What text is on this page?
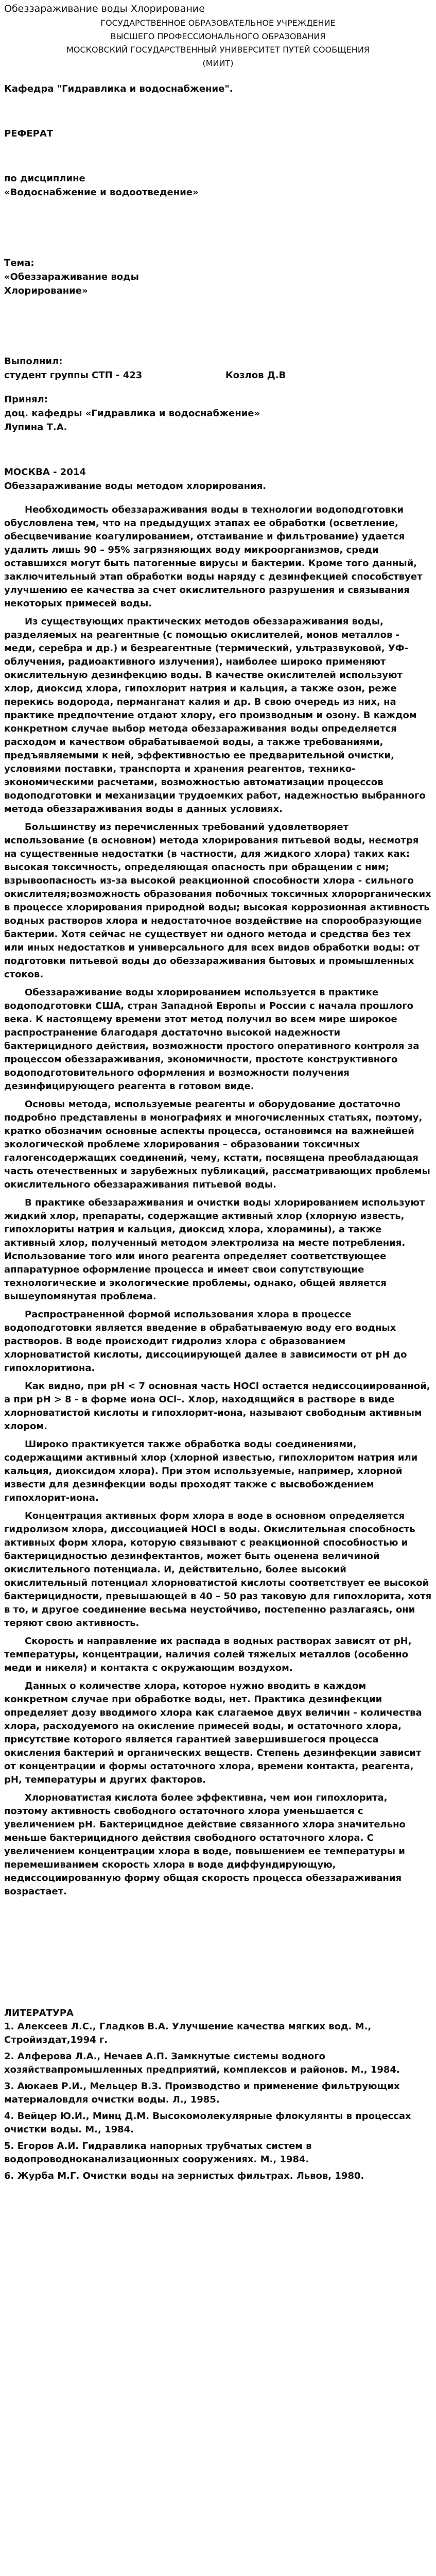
Обеззараживание воды Хлорирование
ГОСУДАРСТВЕННОЕ ОБРАЗОВАТЕЛЬНОЕ УЧРЕЖДЕНИЕ
ВЫСШЕГО ПРОФЕССИОНАЛЬНОГО ОБРАЗОВАНИЯ
МОСКОВСКИЙ ГОСУДАРСТВЕННЫЙ УНИВЕРСИТЕТ ПУТЕЙ СООБЩЕНИЯ
(МИИТ)

Кафедра "Гидравлика и водоснабжение".

РЕФЕРАТ

по дисциплине

«Водоснабжение и водоотведение»

Тема:

«Обеззараживание воды

Хлорирование»

Выполнил:

студент группы СТП - 423	Козлов Д.В

Принял:

доц. кафедры «Гидравлика и водоснабжение»

Лупина Т.А.

МОСКВА - 2014

Обеззараживание воды методом хлорирования.

Необходимость обеззараживания воды в технологии водоподготовки обусловлена тем, что на предыдущих этапах ее обработки (осветление, обесцвечивание коагулированием, отстаивание и фильтрование) удается удалить лишь 90 – 95% загрязняющих воду микроорганизмов, среди оставшихся могут быть патогенные вирусы и бактерии. Кроме того данный, заключительный этап обработки воды наряду с дезинфекцией способствует улучшению ее качества за счет окислительного разрушения и связывания некоторых примесей воды.

Из существующих практических методов обеззараживания воды, разделяемых на реагентные (с помощью окислителей, ионов металлов - меди, серебра и др.) и безреагентные (термический, ультразвуковой, УФ-облучения, радиоактивного излучения), наиболее широко применяют окислительную дезинфекцию воды. В качестве окислителей используют хлор, диоксид хлора, гипохлорит натрия и кальция, а также озон, реже перекись водорода, перманганат калия и др. В свою очередь из них, на практике предпочтение отдают хлору, его производным и озону. В каждом конкретном случае выбор метода обеззараживания воды определяется расходом и качеством обрабатываемой воды, а также требованиями, предъявляемыми к ней, эффективностью ее предварительной очистки, условиями поставки, транспорта и хранения реагентов, технико-экономическими расчетами, возможностью автоматизации процессов водоподготовки и механизации трудоемких работ, надежностью выбранного метода обеззараживания воды в данных условиях.

Большинству из перечисленных требований удовлетворяет использование (в основном) метода хлорирования питьевой воды, несмотря на существенные недостатки (в частности, для жидкого хлора) таких как: высокая токсичность, определяющая опасность при обращении с ним; взрывоопасность из-за высокой реакционной способности хлора - сильного окислителя;возможность образования побочных токсичных хлорорганических в процессе хлорирования природной воды; высокая коррозионная активность водных растворов хлора и недостаточное воздействие на спорообразующие бактерии. Хотя сейчас не существует ни одного метода и средства без тех или иных недостатков и универсального для всех видов обработки воды: от подготовки питьевой воды до обеззараживания бытовых и промышленных стоков.

Обеззараживание воды хлорированием используется в практике водоподготовки США, стран Западной Европы и России с начала прошлого века. К настоящему времени этот метод получил во всем мире широкое распространение благодаря достаточно высокой надежности бактерицидного действия, возможности простого оперативного контроля за процессом обеззараживания, экономичности, простоте конструктивного водоподготовительного оформления и возможности получения дезинфицирующего реагента в готовом виде.

Основы метода, используемые реагенты и оборудование достаточно подробно представлены в монографиях и многочисленных статьях, поэтому, кратко обозначим основные аспекты процесса, остановимся на важнейшей экологической проблеме хлорирования – образовании токсичных галогенсодержащих соединений, чему, кстати, посвящена преобладающая часть отечественных и зарубежных публикаций, рассматривающих проблемы окислительного обеззараживания питьевой воды.

В практике обеззараживания и очистки воды хлорированием используют жидкий хлор, препараты, содержащие активный хлор (хлорную известь, гипохлориты натрия и кальция, диоксид хлора, хлорамины), а также активный хлор, полученный методом электролиза на месте потребления. Использование того или иного реагента определяет соответствующее аппаратурное оформление процесса и имеет свои сопутствующие технологические и экологические проблемы, однако, общей является вышеупомянутая проблема.

Распространенной формой использования хлора в процессе водоподготовки является введение в обрабатываемую воду его водных растворов. В воде происходит гидролиз хлора с образованием хлорноватистой кислоты, диссоциирующей далее в зависимости от рН до гипохлоритиона.

Как видно, при рН < 7 основная часть HOCl остается недиссоциированной, а при рН > 8 - в форме иона OCl–. Хлор, находящийся в растворе в виде хлорноватистой кислоты и гипохлорит-иона, называют свободным активным хлором.

Широко практикуется также обработка воды соединениями, содержащими активный хлор (хлорной известью, гипохлоритом натрия или кальция, диоксидом хлора). При этом используемые, например, хлорной извести для дезинфекции воды проходят также с высвобождением гипохлорит-иона.

Концентрация активных форм хлора в воде в основном определяется гидролизом хлора, диссоциацией HOCl в воды. Окислительная способность активных форм хлора, которую связывают с реакционной способностью и бактерицидностью дезинфектантов, может быть оценена величиной окислительного потенциала. И, действительно, более высокий окислительный потенциал хлорноватистой кислоты соответствует ее высокой бактерицидности, превышающей в 40 – 50 раз таковую для гипохлорита, хотя в то, и другое соединение весьма неустойчиво, постепенно разлагаясь, они теряют свою активность.

Скорость и направление их распада в водных растворах зависят от рН, температуры, концентрации, наличия солей тяжелых металлов (особенно меди и никеля) и контакта с окружающим воздухом.

Данных о количестве хлора, которое нужно вводить в каждом конкретном случае при обработке воды, нет. Практика дезинфекции определяет дозу вводимого хлора как слагаемое двух величин - количества хлора, расходуемого на окисление примесей воды, и остаточного хлора, присутствие которого является гарантией завершившегося процесса окисления бактерий и органических веществ. Степень дезинфекции зависит от концентрации и формы остаточного хлора, времени контакта, реагента, рН, температуры и других факторов.

Хлорноватистая кислота более эффективна, чем ион гипохлорита, поэтому активность свободного остаточного хлора уменьшается с увеличением рН. Бактерицидное действие связанного хлора значительно меньше бактерицидного действия свободного остаточного хлора. С увеличением концентрации хлора в воде, повышением ее температуры и перемешиванием скорость хлора в воде диффундирующую, недиссоциированную форму общая скорость процесса обеззараживания возрастает.

ЛИТЕРАТУРА

1. Алексеев Л.С., Гладков В.А. Улучшение качества мягких вод. М., Стройиздат,1994 г.

2. Алферова Л.А., Нечаев А.П. Замкнутые системы водного хозяйствапромышленных предприятий, комплексов и районов. М., 1984.

3. Аюкаев Р.И., Мельцер В.З. Производство и применение фильтрующих материаловдля очистки воды. Л., 1985.

4. Вейцер Ю.И., Минц Д.М. Высокомолекулярные флокулянты в процессах очистки воды. М., 1984.

5. Егоров А.И. Гидравлика напорных трубчатых систем в водопроводноканализационных сооружениях. М., 1984.

6. Журба М.Г. Очистки воды на зернистых фильтрах. Львов, 1980.
